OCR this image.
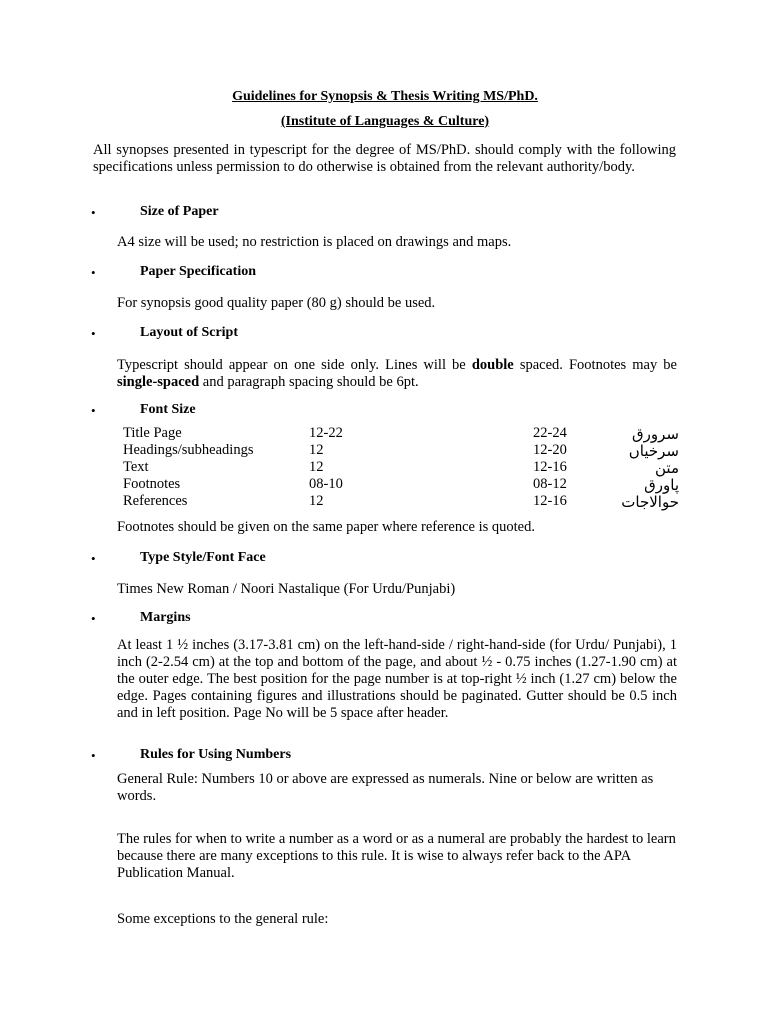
Guidelines for Synopsis & Thesis Writing MS/PhD.
(Institute of Languages & Culture)
All synopses presented in typescript for the degree of MS/PhD. should comply with the following specifications unless permission to do otherwise is obtained from the relevant authority/body.
•	Size of Paper
A4 size will be used; no restriction is placed on drawings and maps.
•	Paper Specification
For synopsis good quality paper (80 g) should be used.
•	Layout of Script
Typescript should appear on one side only. Lines will be double spaced. Footnotes may be single-spaced and paragraph spacing should be 6pt.
•	Font Size
Title Page	12-22	22-24	سرورق
Headings/subheadings	12	12-20	سرخیاں
Text	12	12-16	متن
Footnotes	08-10	08-12	پاورق
References	12	12-16	حوالاجات
Footnotes should be given on the same paper where reference is quoted.
•	Type Style/Font Face
Times New Roman / Noori Nastalique (For Urdu/Punjabi)
•	Margins
At least 1 ½ inches (3.17-3.81 cm) on the left-hand-side / right-hand-side (for Urdu/ Punjabi), 1 inch (2-2.54 cm) at the top and bottom of the page, and about ½ - 0.75 inches (1.27-1.90 cm) at the outer edge. The best position for the page number is at top-right ½ inch (1.27 cm) below the edge. Pages containing figures and illustrations should be paginated. Gutter should be 0.5 inch and in left position. Page No will be 5 space after header.
•	Rules for Using Numbers
General Rule: Numbers 10 or above are expressed as numerals. Nine or below are written as words.
The rules for when to write a number as a word or as a numeral are probably the hardest to learn because there are many exceptions to this rule. It is wise to always refer back to the APA Publication Manual.
Some exceptions to the general rule:
